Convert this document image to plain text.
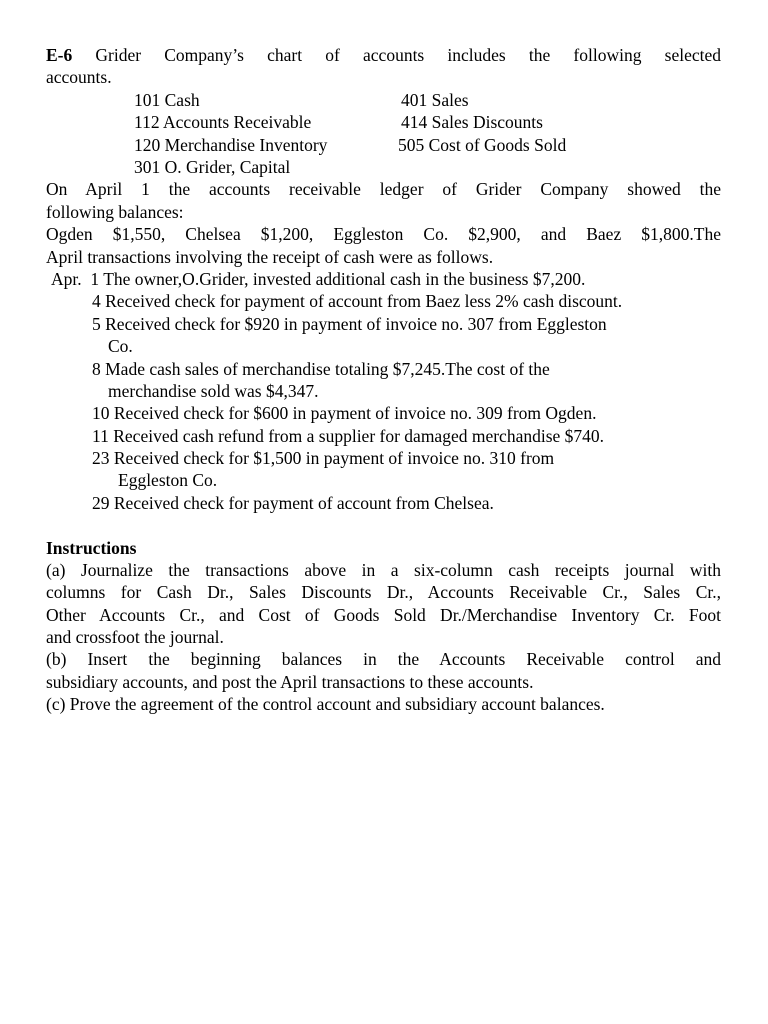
E-6 Grider Company’s chart of accounts includes the following selected
accounts.
101 Cash
112 Accounts Receivable
120 Merchandise Inventory
301 O. Grider, Capital
401 Sales
414 Sales Discounts
505 Cost of Goods Sold
On April 1 the accounts receivable ledger of Grider Company showed the
following balances:
Ogden $1,550, Chelsea $1,200, Eggleston Co. $2,900, and Baez $1,800.The
April transactions involving the receipt of cash were as follows.
Apr.  1 The owner,O.Grider, invested additional cash in the business $7,200.
4 Received check for payment of account from Baez less 2% cash discount.
5 Received check for $920 in payment of invoice no. 307 from Eggleston
Co.
8 Made cash sales of merchandise totaling $7,245.The cost of the
merchandise sold was $4,347.
10 Received check for $600 in payment of invoice no. 309 from Ogden.
11 Received cash refund from a supplier for damaged merchandise $740.
23 Received check for $1,500 in payment of invoice no. 310 from
Eggleston Co.
29 Received check for payment of account from Chelsea.
Instructions
(a) Journalize the transactions above in a six-column cash receipts journal with
columns for Cash Dr., Sales Discounts Dr., Accounts Receivable Cr., Sales Cr.,
Other Accounts Cr., and Cost of Goods Sold Dr./Merchandise Inventory Cr. Foot
and crossfoot the journal.
(b) Insert the beginning balances in the Accounts Receivable control and
subsidiary accounts, and post the April transactions to these accounts.
(c) Prove the agreement of the control account and subsidiary account balances.
